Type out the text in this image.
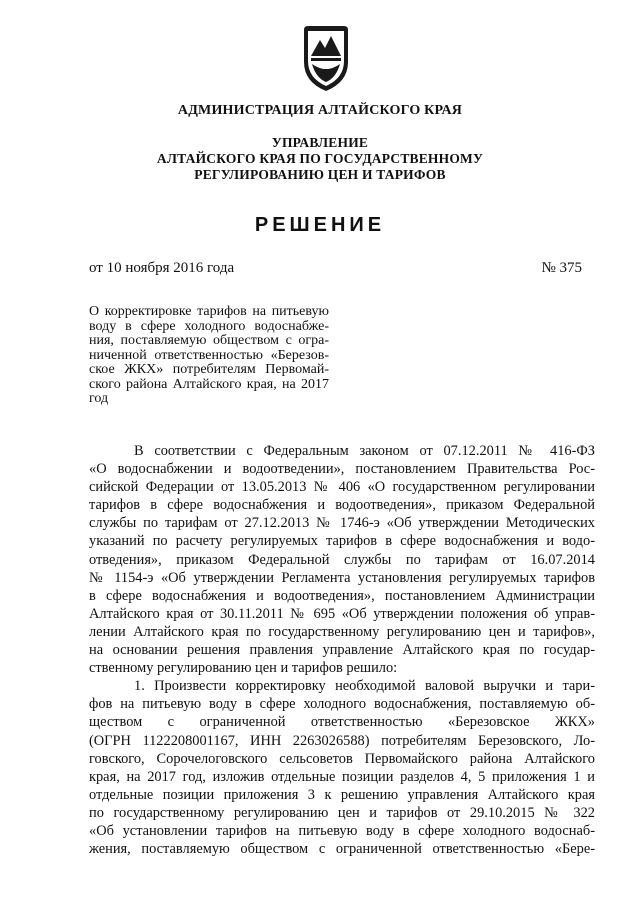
АДМИНИСТРАЦИЯ АЛТАЙСКОГО КРАЯ
УПРАВЛЕНИЕ
АЛТАЙСКОГО КРАЯ ПО ГОСУДАРСТВЕННОМУ
РЕГУЛИРОВАНИЮ ЦЕН И ТАРИФОВ
РЕШЕНИЕ
от 10 ноября 2016 года	№ 375
О корректировке тарифов на питьевую
воду в сфере холодного водоснабже-
ния, поставляемую обществом с огра-
ниченной ответственностью «Березов-
ское ЖКХ» потребителям Первомай-
ского района Алтайского края, на 2017
год
В соответствии с Федеральным законом от 07.12.2011 № 416-ФЗ
«О водоснабжении и водоотведении», постановлением Правительства Рос-
сийской Федерации от 13.05.2013 № 406 «О государственном регулировании
тарифов в сфере водоснабжения и водоотведения», приказом Федеральной
службы по тарифам от 27.12.2013 № 1746-э «Об утверждении Методических
указаний по расчету регулируемых тарифов в сфере водоснабжения и водо-
отведения», приказом Федеральной службы по тарифам от 16.07.2014
№ 1154-э «Об утверждении Регламента установления регулируемых тарифов
в сфере водоснабжения и водоотведения», постановлением Администрации
Алтайского края от 30.11.2011 № 695 «Об утверждении положения об управ-
лении Алтайского края по государственному регулированию цен и тарифов»,
на основании решения правления управление Алтайского края по государ-
ственному регулированию цен и тарифов решило:
1. Произвести корректировку необходимой валовой выручки и тари-
фов на питьевую воду в сфере холодного водоснабжения, поставляемую об-
ществом с ограниченной ответственностью «Березовское ЖКХ»
(ОГРН 1122208001167, ИНН 2263026588) потребителям Березовского, Ло-
говского, Сорочелоговского сельсоветов Первомайского района Алтайского
края, на 2017 год, изложив отдельные позиции разделов 4, 5 приложения 1 и
отдельные позиции приложения 3 к решению управления Алтайского края
по государственному регулированию цен и тарифов от 29.10.2015 № 322
«Об установлении тарифов на питьевую воду в сфере холодного водоснаб-
жения, поставляемую обществом с ограниченной ответственностью «Бере-
